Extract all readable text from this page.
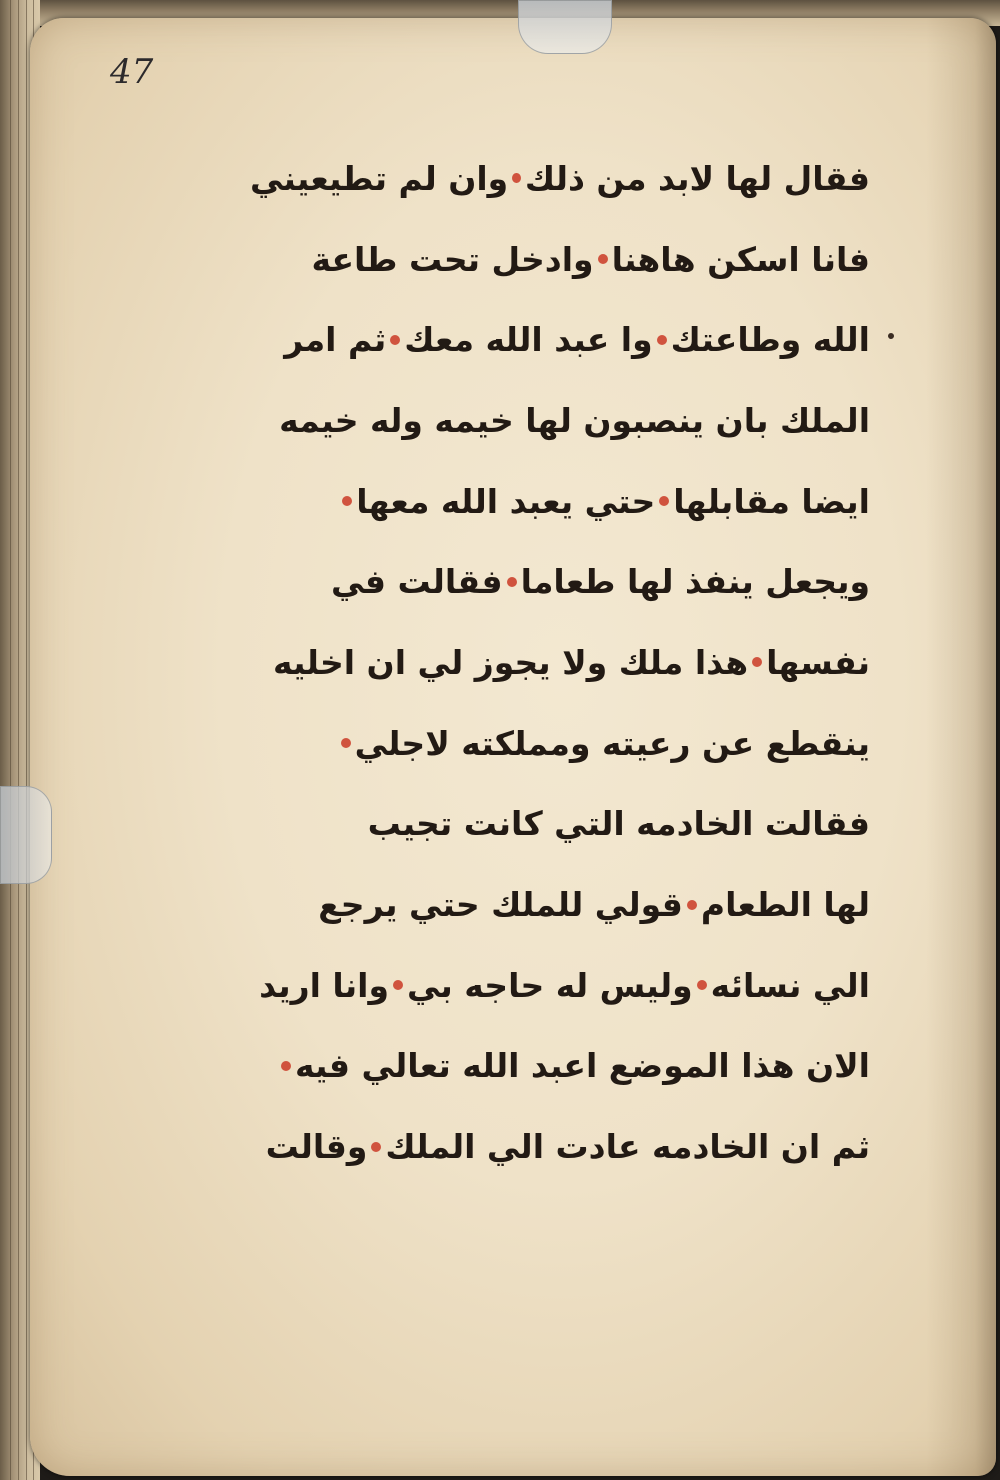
47
فقال لها لابد من ذلك
وان لم تطيعيني
فانا اسكن هاهنا
وادخل تحت طاعة
الله وطاعتك
وا عبد الله معك
ثم امر
الملك بان ينصبون لها خيمه وله خيمه
ايضا مقابلها
حتي يعبد الله معها
ويجعل ينفذ لها طعاما
فقالت في
نفسها
هذا ملك ولا يجوز لي ان اخليه
ينقطع عن رعيته ومملكته لاجلي
فقالت الخادمه التي كانت تجيب
لها الطعام
قولي للملك حتي يرجع
الي نسائه
وليس له حاجه بي
وانا اريد
الان هذا الموضع اعبد الله تعالي فيه
ثم ان الخادمه عادت الي الملك
وقالت
